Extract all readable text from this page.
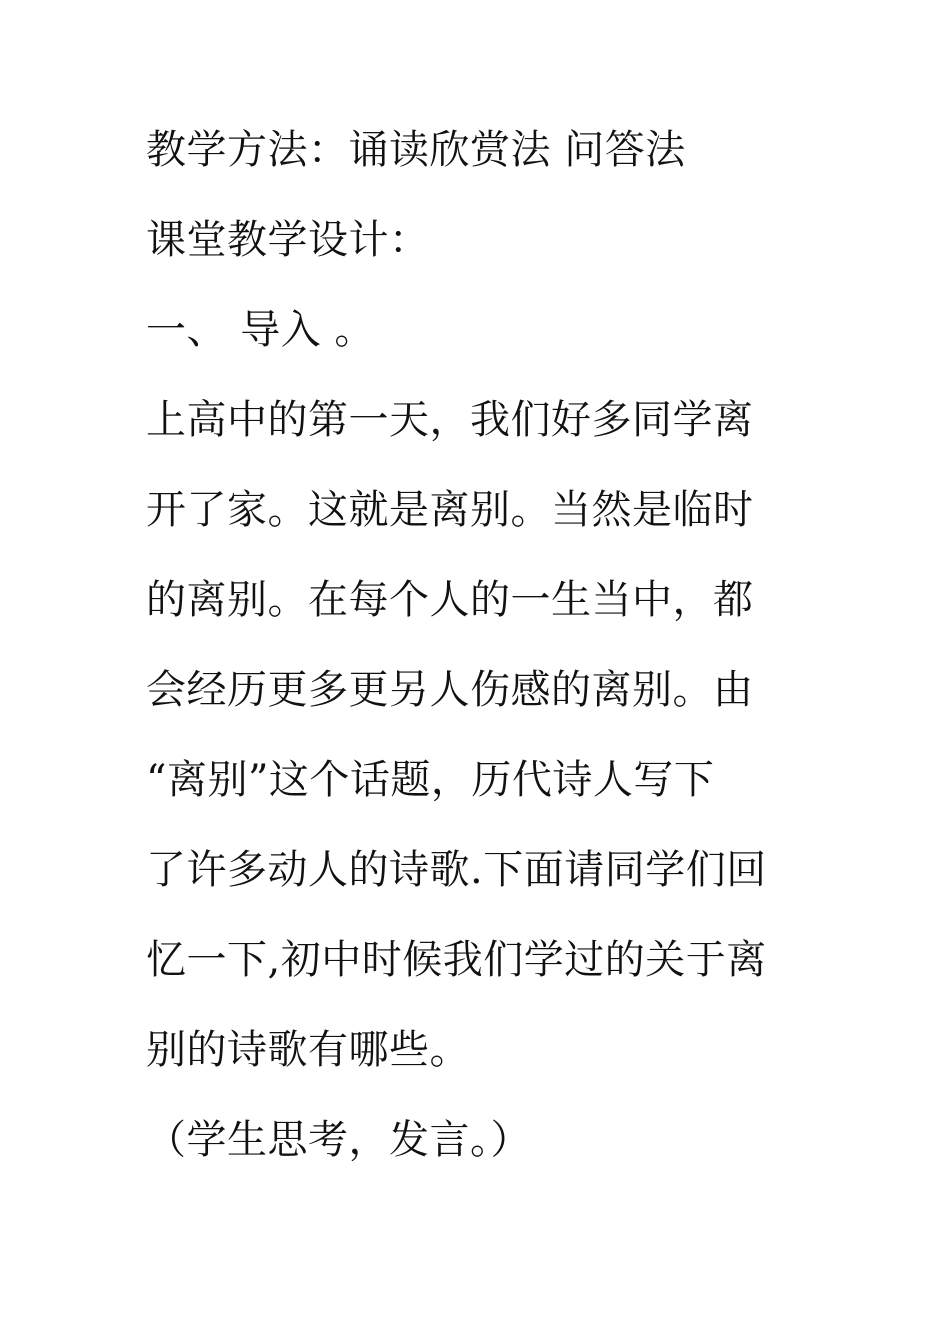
教学方法：诵读欣赏法 问答法
课堂教学设计：
一、 导入 。
上高中的第一天，我们好多同学离
开了家。这就是离别。当然是临时
的离别。在每个人的一生当中，都
会经历更多更另人伤感的离别。由
“离别”这个话题，历代诗人写下
了许多动人的诗歌.下面请同学们回
忆一下,初中时候我们学过的关于离
别的诗歌有哪些。
（学生思考，发言。）
